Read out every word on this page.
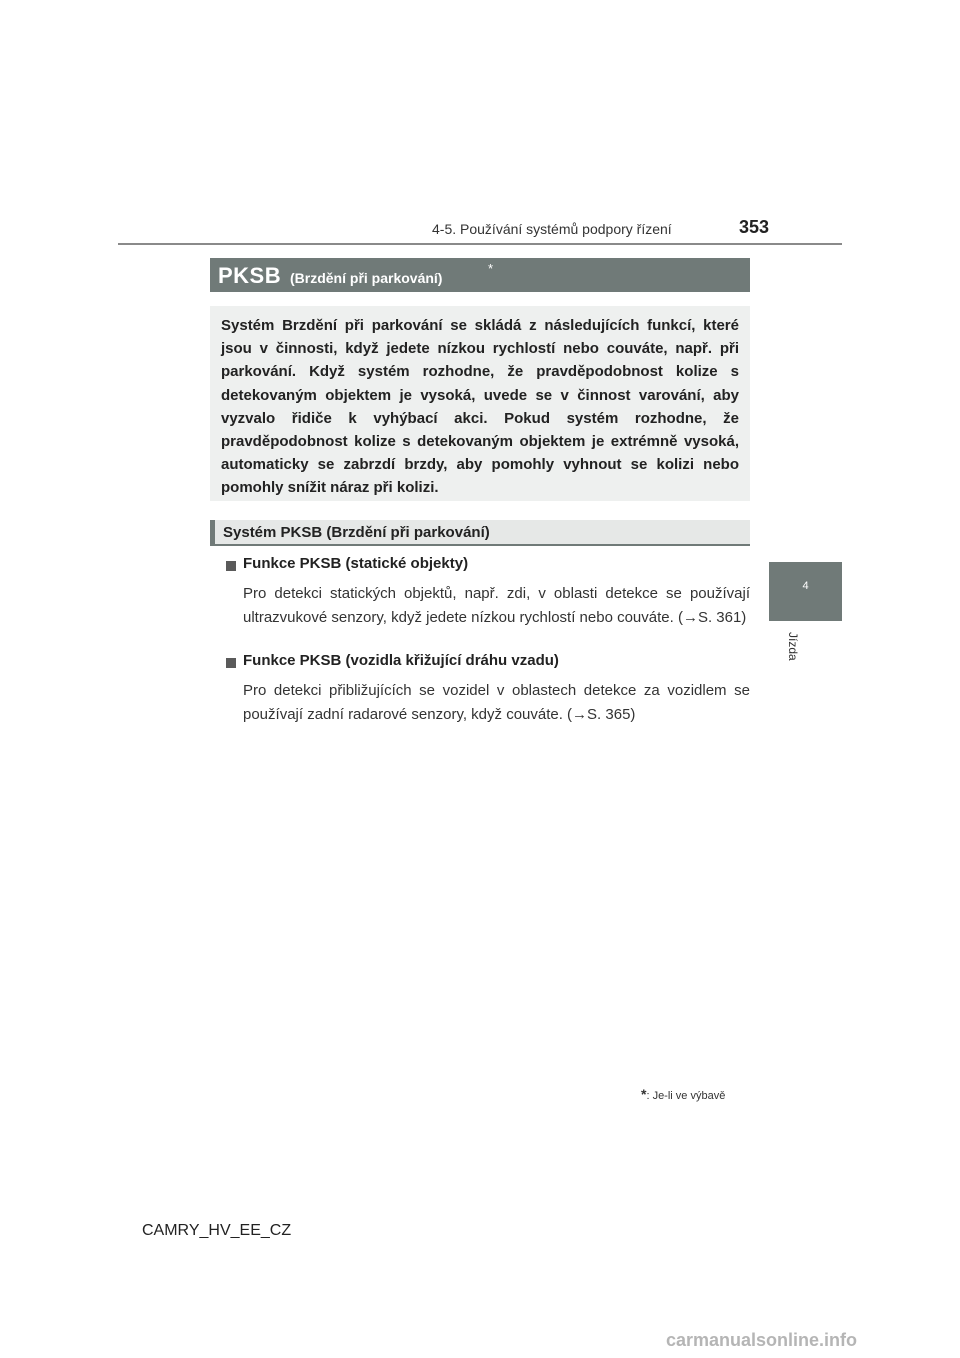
4-5. Používání systémů podpory řízení	353
4
Jízda
PKSB (Brzdění při parkování)
*

Systém Brzdění při parkování se skládá z následujících funkcí, které jsou v činnosti, když jedete nízkou rychlostí nebo couváte, např. při parkování. Když systém rozhodne, že pravděpodobnost kolize s detekovaným objektem je vysoká, uvede se v činnost varování, aby vyzvalo řidiče k vyhýbací akci. Pokud systém rozhodne, že pravděpodobnost kolize s detekovaným objektem je extrémně vysoká, automaticky se zabrzdí brzdy, aby pomohly vyhnout se kolizi nebo pomohly snížit náraz při kolizi.

Systém PKSB (Brzdění při parkování)
Funkce PKSB (statické objekty)
Pro detekci statických objektů, např. zdi, v oblasti detekce se používají ultrazvukové senzory, když jedete nízkou rychlostí nebo couváte. (→S. 361)
Funkce PKSB (vozidla křižující dráhu vzadu)
Pro detekci přibližujících se vozidel v oblastech detekce za vozidlem se používají zadní radarové senzory, když couváte. (→S. 365)
*: Je-li ve výbavě
CAMRY_HV_EE_CZ
carmanualsonline.info
